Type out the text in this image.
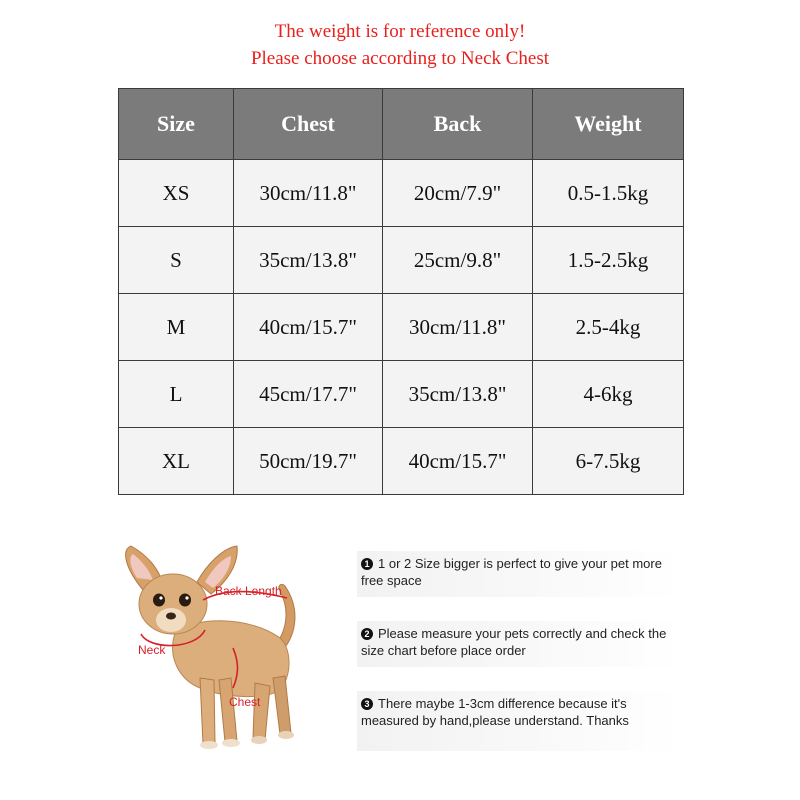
The weight is for reference only!
Please choose according to Neck Chest
Size	Chest	Back	Weight
XS	30cm/11.8"	20cm/7.9"	0.5-1.5kg
S	35cm/13.8"	25cm/9.8"	1.5-2.5kg
M	40cm/15.7"	30cm/11.8"	2.5-4kg
L	45cm/17.7"	35cm/13.8"	4-6kg
XL	50cm/19.7"	40cm/15.7"	6-7.5kg
Back Length
Neck
Chest
1 1 or 2 Size bigger is perfect to give your pet more free space
2 Please measure your pets correctly and check the size chart before place order
3 There maybe 1-3cm difference because it's measured by hand,please understand. Thanks
